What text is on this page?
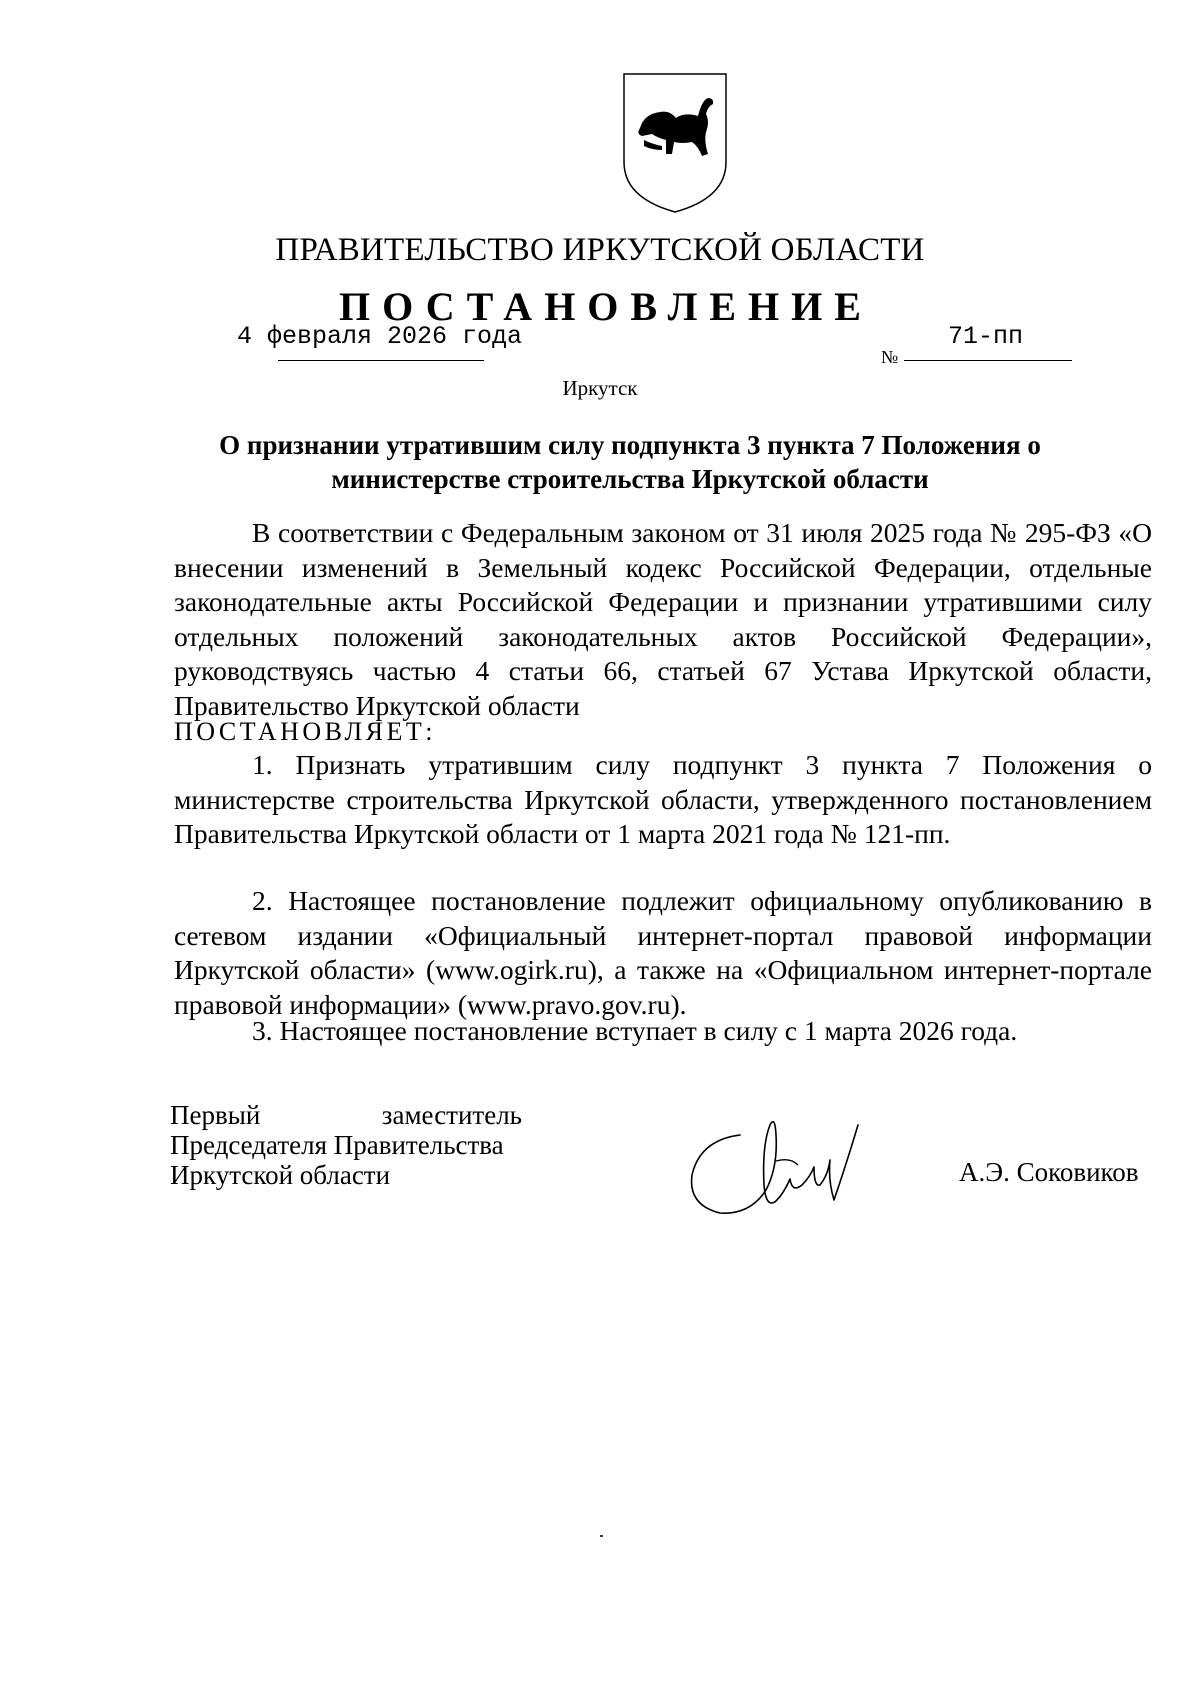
ПРАВИТЕЛЬСТВО ИРКУТСКОЙ ОБЛАСТИ
ПОСТАНОВЛЕНИЕ
4 февраля 2026 года
№
71-пп
Иркутск
О признании утратившим силу подпункта 3 пункта 7 Положения о министерстве строительства Иркутской области
В соответствии с Федеральным законом от 31 июля 2025 года № 295-ФЗ «О внесении изменений в Земельный кодекс Российской Федерации, отдельные законодательные акты Российской Федерации и признании утратившими силу отдельных положений законодательных актов Российской Федерации», руководствуясь частью 4 статьи 66, статьей 67 Устава Иркутской области, Правительство Иркутской области
ПОСТАНОВЛЯЕТ:
1. Признать утратившим силу подпункт 3 пункта 7 Положения о министерстве строительства Иркутской области, утвержденного постановлением Правительства Иркутской области от 1 марта 2021 года № 121-пп.
2. Настоящее постановление подлежит официальному опубликованию в сетевом издании «Официальный интернет-портал правовой информации Иркутской области» (www.ogirk.ru), а также на «Официальном интернет-портале правовой информации» (www.pravo.gov.ru).
3. Настоящее постановление вступает в силу с 1 марта 2026 года.
Первый	заместитель
Председателя Правительства
Иркутской области	А.Э. Соковиков
